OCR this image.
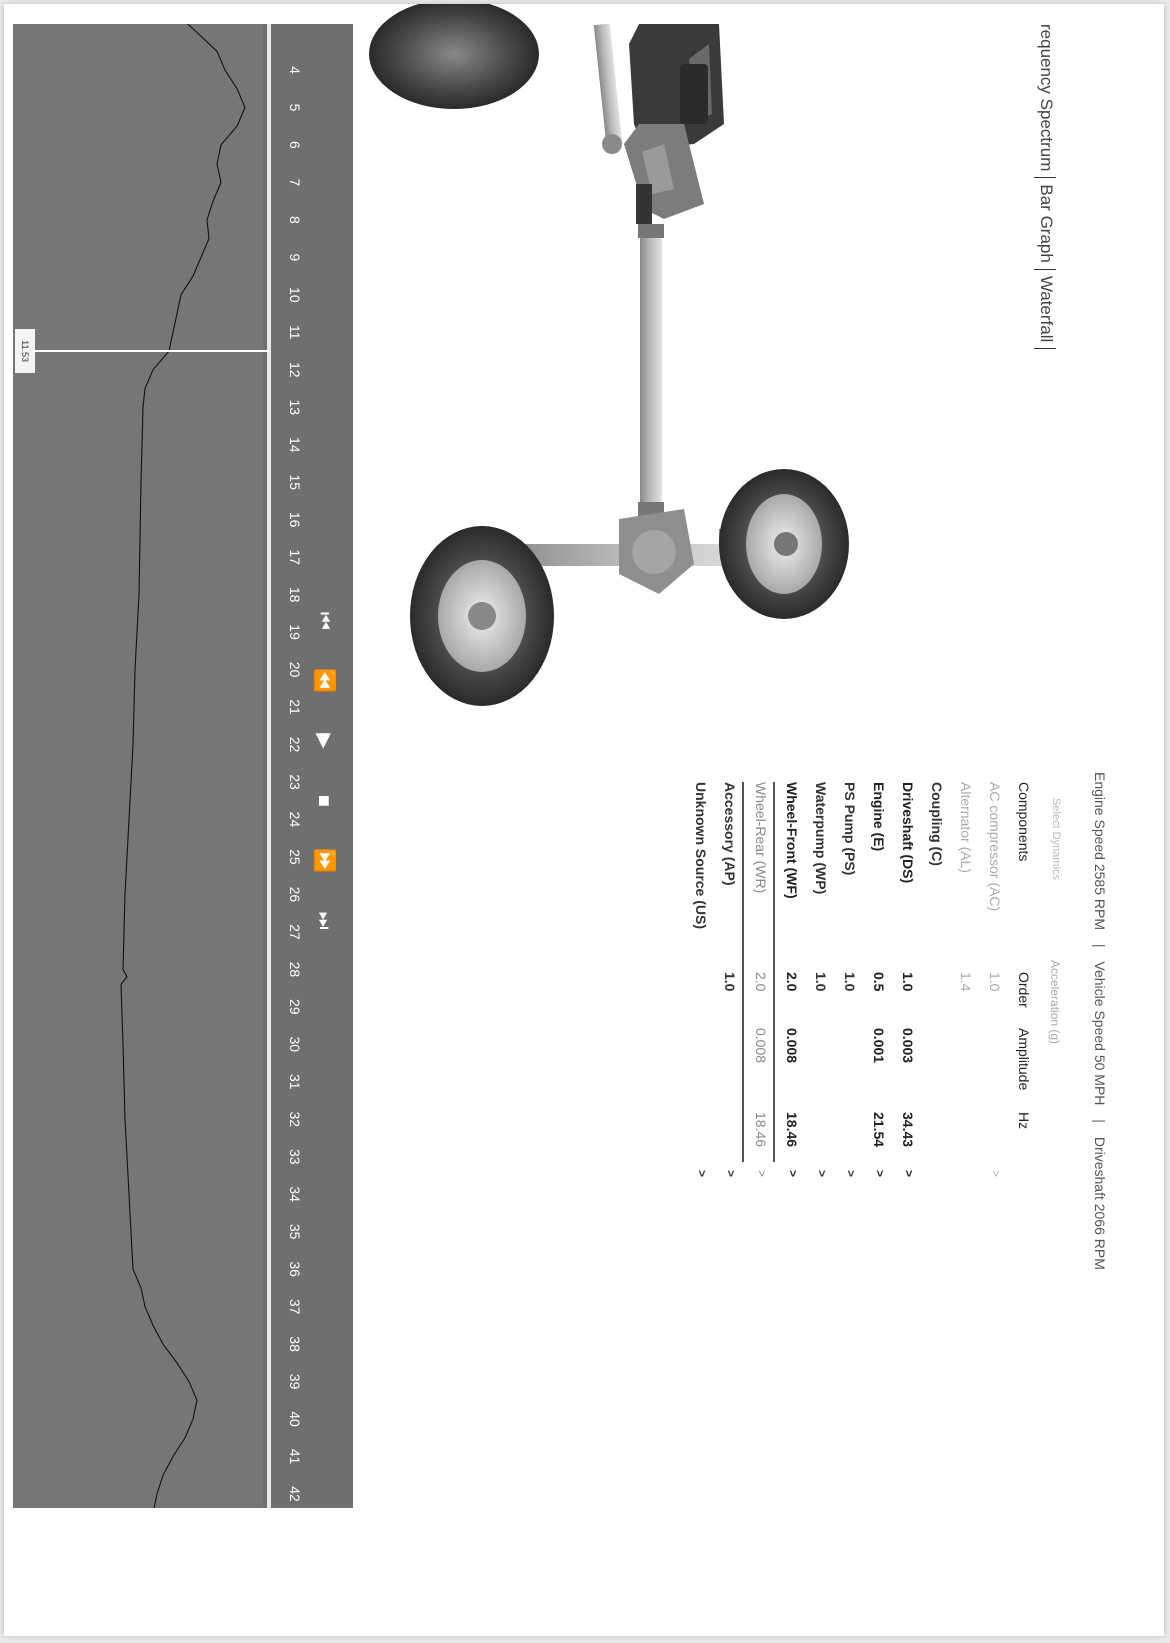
requency SpectrumBar GraphWaterfall
Engine Speed 2585 RPM | Vehicle Speed 50 MPH | Driveshaft 2066 RPM
Select Dynamics
Acceleration (g)
Components
Order
Amplitude
Hz
AC compressor (AC)
1.0
>
Alternator (AL)
1.4
Coupling (C)
Driveshaft (DS)
1.0
0.003
34.43
>
Engine (E)
0.5
0.001
21.54
>
PS Pump (PS)
1.0
>
Waterpump (WP)
1.0
>
Wheel-Front (WF)
2.0
0.008
18.46
>
Wheel-Rear (WR)
2.0
0.008
18.46
>
Accessory (AP)
1.0
>
Unknown Source (US)
>
4
5
6
7
8
9
10
11
12
13
14
15
16
17
18
19
20
21
22
23
24
25
26
27
28
29
30
31
32
33
34
35
36
37
38
39
40
41
42
⏮
⏪
▶
■
⏩
⏭
11.53
